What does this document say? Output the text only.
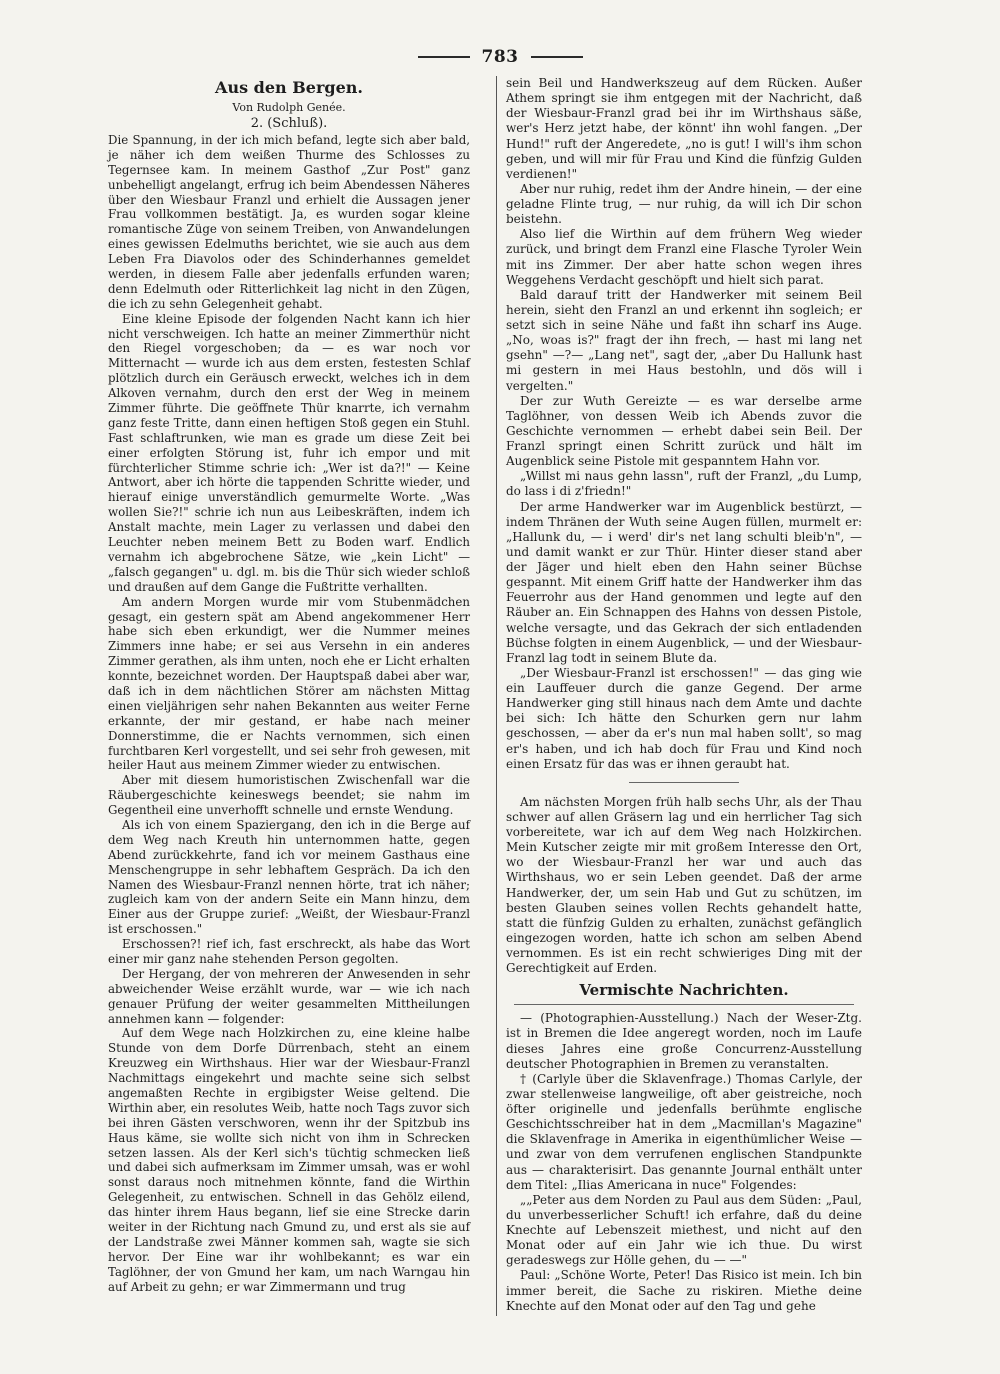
783
Aus den Bergen.
Von Rudolph Genée.
2. (Schluß).

Die Spannung, in der ich mich befand, legte sich aber bald, je näher ich dem weißen Thurme des Schlosses zu Tegernsee kam. In meinem Gasthof „Zur Post" ganz unbehelligt angelangt, erfrug ich beim Abendessen Näheres über den Wiesbaur Franzl und erhielt die Aussagen jener Frau vollkommen bestätigt. Ja, es wurden sogar kleine romantische Züge von seinem Treiben, von Anwandelungen eines gewissen Edelmuths berichtet, wie sie auch aus dem Leben Fra Diavolos oder des Schinderhannes gemeldet werden, in diesem Falle aber jedenfalls erfunden waren; denn Edelmuth oder Ritterlichkeit lag nicht in den Zügen, die ich zu sehn Gelegenheit gehabt.

Eine kleine Episode der folgenden Nacht kann ich hier nicht verschweigen. Ich hatte an meiner Zimmerthür nicht den Riegel vorgeschoben; da — es war noch vor Mitternacht — wurde ich aus dem ersten, festesten Schlaf plötzlich durch ein Geräusch erweckt, welches ich in dem Alkoven vernahm, durch den erst der Weg in meinem Zimmer führte. Die geöffnete Thür knarrte, ich vernahm ganz feste Tritte, dann einen heftigen Stoß gegen ein Stuhl. Fast schlaftrunken, wie man es grade um diese Zeit bei einer erfolgten Störung ist, fuhr ich empor und mit fürchterlicher Stimme schrie ich: „Wer ist da?!" — Keine Antwort, aber ich hörte die tappenden Schritte wieder, und hierauf einige unverständlich gemurmelte Worte. „Was wollen Sie?!" schrie ich nun aus Leibeskräften, indem ich Anstalt machte, mein Lager zu verlassen und dabei den Leuchter neben meinem Bett zu Boden warf. Endlich vernahm ich abgebrochene Sätze, wie „kein Licht" — „falsch gegangen" u. dgl. m. bis die Thür sich wieder schloß und draußen auf dem Gange die Fußtritte verhallten.

Am andern Morgen wurde mir vom Stubenmädchen gesagt, ein gestern spät am Abend angekommener Herr habe sich eben erkundigt, wer die Nummer meines Zimmers inne habe; er sei aus Versehn in ein anderes Zimmer gerathen, als ihm unten, noch ehe er Licht erhalten konnte, bezeichnet worden. Der Hauptspaß dabei aber war, daß ich in dem nächtlichen Störer am nächsten Mittag einen vieljährigen sehr nahen Bekannten aus weiter Ferne erkannte, der mir gestand, er habe nach meiner Donnerstimme, die er Nachts vernommen, sich einen furchtbaren Kerl vorgestellt, und sei sehr froh gewesen, mit heiler Haut aus meinem Zimmer wieder zu entwischen.

Aber mit diesem humoristischen Zwischenfall war die Räubergeschichte keineswegs beendet; sie nahm im Gegentheil eine unverhofft schnelle und ernste Wendung.

Als ich von einem Spaziergang, den ich in die Berge auf dem Weg nach Kreuth hin unternommen hatte, gegen Abend zurückkehrte, fand ich vor meinem Gasthaus eine Menschengruppe in sehr lebhaftem Gespräch. Da ich den Namen des Wiesbaur-Franzl nennen hörte, trat ich näher; zugleich kam von der andern Seite ein Mann hinzu, dem Einer aus der Gruppe zurief: „Weißt, der Wiesbaur-Franzl ist erschossen."

Erschossen?! rief ich, fast erschreckt, als habe das Wort einer mir ganz nahe stehenden Person gegolten.

Der Hergang, der von mehreren der Anwesenden in sehr abweichender Weise erzählt wurde, war — wie ich nach genauer Prüfung der weiter gesammelten Mittheilungen annehmen kann — folgender:

Auf dem Wege nach Holzkirchen zu, eine kleine halbe Stunde von dem Dorfe Dürrenbach, steht an einem Kreuzweg ein Wirthshaus. Hier war der Wiesbaur-Franzl Nachmittags eingekehrt und machte seine sich selbst angemaßten Rechte in ergibigster Weise geltend. Die Wirthin aber, ein resolutes Weib, hatte noch Tags zuvor sich bei ihren Gästen verschworen, wenn ihr der Spitzbub ins Haus käme, sie wollte sich nicht von ihm in Schrecken setzen lassen. Als der Kerl sich's tüchtig schmecken ließ und dabei sich aufmerksam im Zimmer umsah, was er wohl sonst daraus noch mitnehmen könnte, fand die Wirthin Gelegenheit, zu entwischen. Schnell in das Gehölz eilend, das hinter ihrem Haus begann, lief sie eine Strecke darin weiter in der Richtung nach Gmund zu, und erst als sie auf der Landstraße zwei Männer kommen sah, wagte sie sich hervor. Der Eine war ihr wohlbekannt; es war ein Taglöhner, der von Gmund her kam, um nach Warngau hin auf Arbeit zu gehn; er war Zimmermann und trug

sein Beil und Handwerkszeug auf dem Rücken. Außer Athem springt sie ihm entgegen mit der Nachricht, daß der Wiesbaur-Franzl grad bei ihr im Wirthshaus säße, wer's Herz jetzt habe, der könnt' ihn wohl fangen. „Der Hund!" ruft der Angeredete, „no is gut! I will's ihm schon geben, und will mir für Frau und Kind die fünfzig Gulden verdienen!"

Aber nur ruhig, redet ihm der Andre hinein, — der eine geladne Flinte trug, — nur ruhig, da will ich Dir schon beistehn.

Also lief die Wirthin auf dem frühern Weg wieder zurück, und bringt dem Franzl eine Flasche Tyroler Wein mit ins Zimmer. Der aber hatte schon wegen ihres Weggehens Verdacht geschöpft und hielt sich parat.

Bald darauf tritt der Handwerker mit seinem Beil herein, sieht den Franzl an und erkennt ihn sogleich; er setzt sich in seine Nähe und faßt ihn scharf ins Auge. „No, woas is?" fragt der ihn frech, — hast mi lang net gsehn" —?— „Lang net", sagt der, „aber Du Hallunk hast mi gestern in mei Haus bestohln, und dös will i vergelten."

Der zur Wuth Gereizte — es war derselbe arme Taglöhner, von dessen Weib ich Abends zuvor die Geschichte vernommen — erhebt dabei sein Beil. Der Franzl springt einen Schritt zurück und hält im Augenblick seine Pistole mit gespanntem Hahn vor.

„Willst mi naus gehn lassn", ruft der Franzl, „du Lump, do lass i di z'friedn!"

Der arme Handwerker war im Augenblick bestürzt, — indem Thränen der Wuth seine Augen füllen, murmelt er: „Hallunk du, — i werd' dir's net lang schulti bleib'n", — und damit wankt er zur Thür. Hinter dieser stand aber der Jäger und hielt eben den Hahn seiner Büchse gespannt. Mit einem Griff hatte der Handwerker ihm das Feuerrohr aus der Hand genommen und legte auf den Räuber an. Ein Schnappen des Hahns von dessen Pistole, welche versagte, und das Gekrach der sich entladenden Büchse folgten in einem Augenblick, — und der Wiesbaur-Franzl lag todt in seinem Blute da.

„Der Wiesbaur-Franzl ist erschossen!" — das ging wie ein Lauffeuer durch die ganze Gegend. Der arme Handwerker ging still hinaus nach dem Amte und dachte bei sich: Ich hätte den Schurken gern nur lahm geschossen, — aber da er's nun mal haben sollt', so mag er's haben, und ich hab doch für Frau und Kind noch einen Ersatz für das was er ihnen geraubt hat.

Am nächsten Morgen früh halb sechs Uhr, als der Thau schwer auf allen Gräsern lag und ein herrlicher Tag sich vorbereitete, war ich auf dem Weg nach Holzkirchen. Mein Kutscher zeigte mir mit großem Interesse den Ort, wo der Wiesbaur-Franzl her war und auch das Wirthshaus, wo er sein Leben geendet. Daß der arme Handwerker, der, um sein Hab und Gut zu schützen, im besten Glauben seines vollen Rechts gehandelt hatte, statt die fünfzig Gulden zu erhalten, zunächst gefänglich eingezogen worden, hatte ich schon am selben Abend vernommen. Es ist ein recht schwieriges Ding mit der Gerechtigkeit auf Erden.

Vermischte Nachrichten.

— (Photographien-Ausstellung.) Nach der Weser-Ztg. ist in Bremen die Idee angeregt worden, noch im Laufe dieses Jahres eine große Concurrenz-Ausstellung deutscher Photographien in Bremen zu veranstalten.

† (Carlyle über die Sklavenfrage.) Thomas Carlyle, der zwar stellenweise langweilige, oft aber geistreiche, noch öfter originelle und jedenfalls berühmte englische Geschichtsschreiber hat in dem „Macmillan's Magazine" die Sklavenfrage in Amerika in eigenthümlicher Weise — und zwar von dem verrufenen englischen Standpunkte aus — charakterisirt. Das genannte Journal enthält unter dem Titel: „Ilias Americana in nuce" Folgendes:

„„Peter aus dem Norden zu Paul aus dem Süden: „Paul, du unverbesserlicher Schuft! ich erfahre, daß du deine Knechte auf Lebenszeit miethest, und nicht auf den Monat oder auf ein Jahr wie ich thue. Du wirst geradeswegs zur Hölle gehen, du — —"

Paul: „Schöne Worte, Peter! Das Risico ist mein. Ich bin immer bereit, die Sache zu riskiren. Miethe deine Knechte auf den Monat oder auf den Tag und gehe
